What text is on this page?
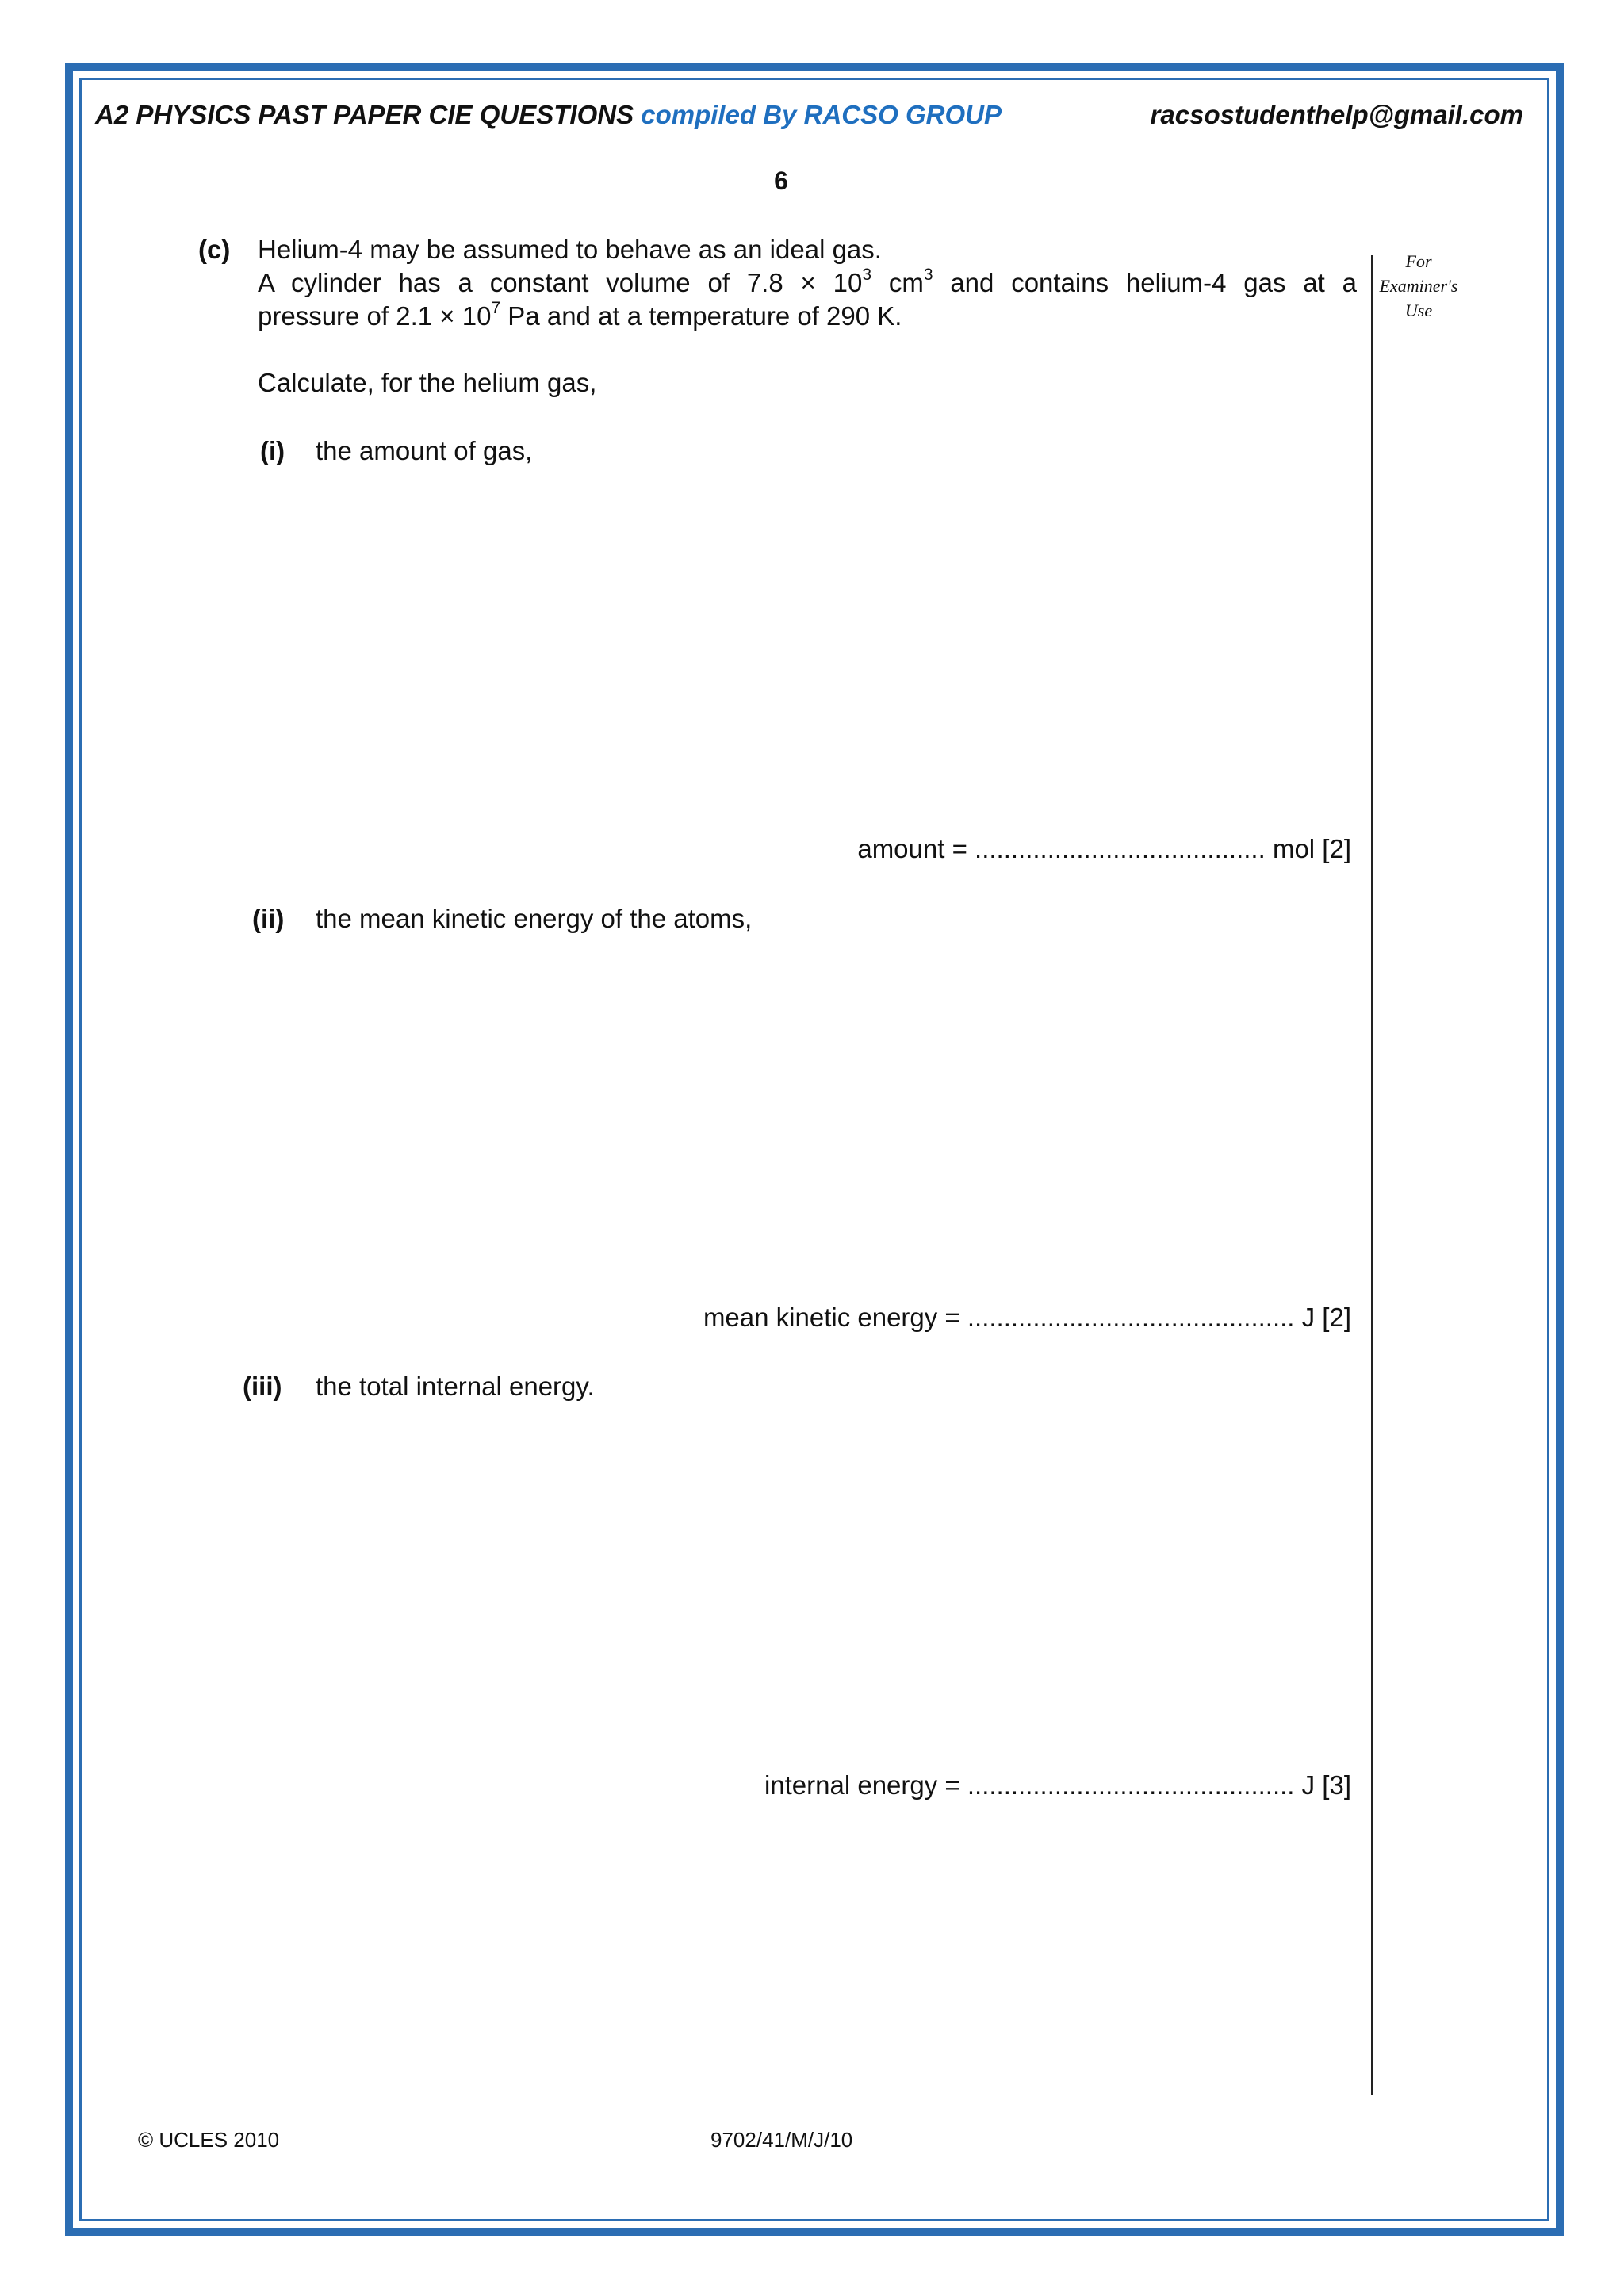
A2 PHYSICS PAST PAPER CIE QUESTIONS compiled By RACSO GROUP	racsostudenthelp@gmail.com
6
For
Examiner's
Use
(c) Helium-4 may be assumed to behave as an ideal gas.
A cylinder has a constant volume of $7.8 \times 10^3$ $cm^3$ and contains helium-4 gas at a
pressure of $2.1 \times 10^7$ Pa and at a temperature of 290 K.
Calculate, for the helium gas,
(i) the amount of gas,
amount = ........................................ mol [2]
(ii) the mean kinetic energy of the atoms,
mean kinetic energy = ............................................. J [2]
(iii) the total internal energy.
internal energy = ............................................. J [3]
© UCLES 2010	9702/41/M/J/10
